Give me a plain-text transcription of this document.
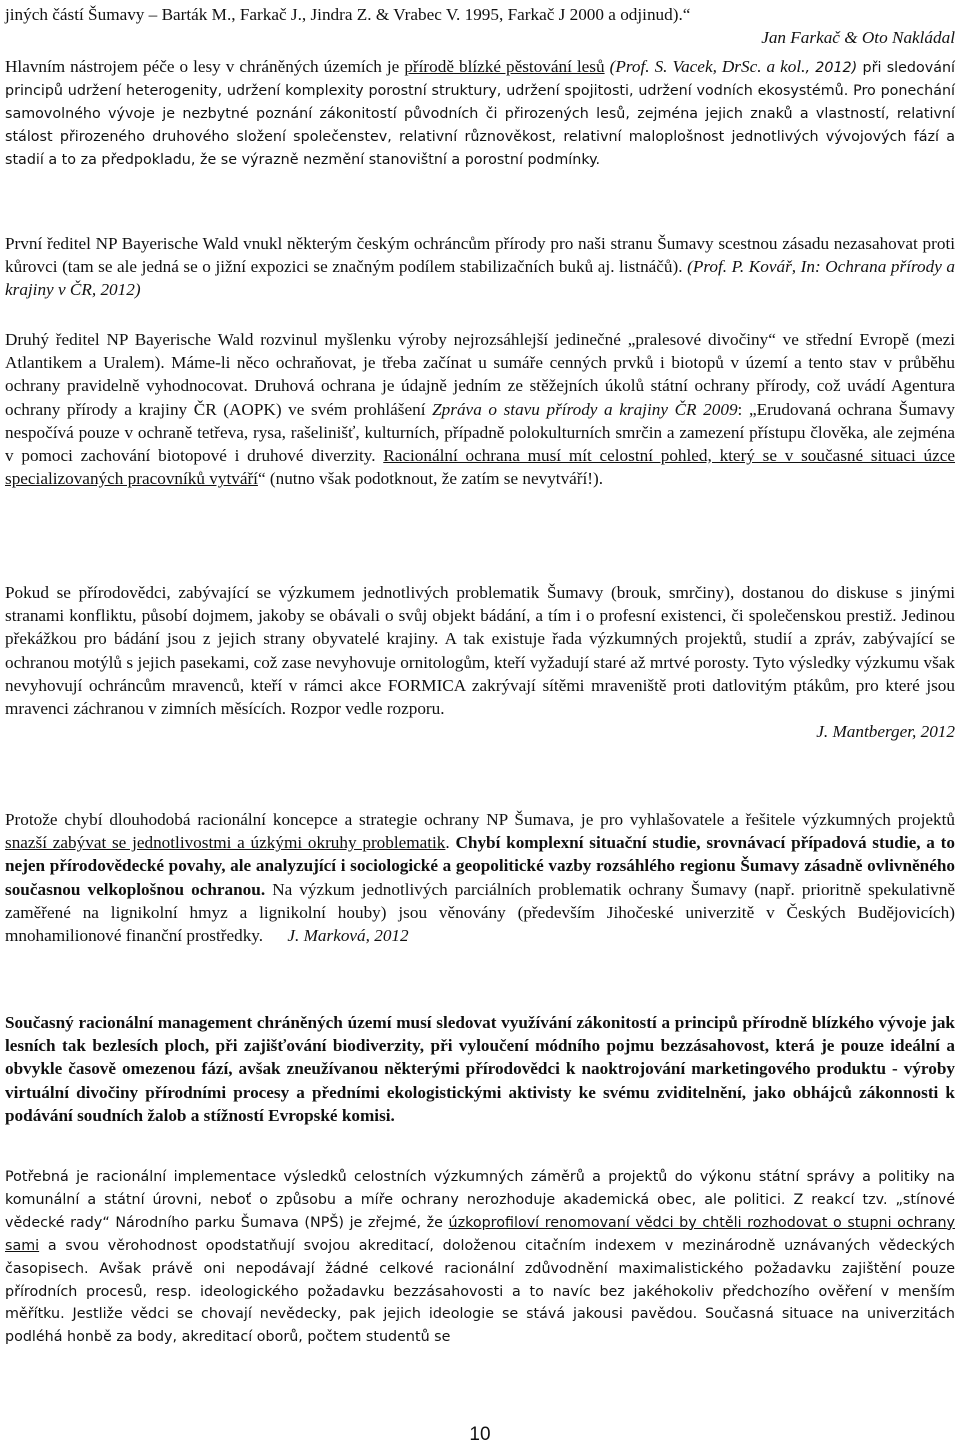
jiných částí Šumavy – Barták M., Farkač J., Jindra Z. & Vrabec V. 1995, Farkač J 2000 a odjinud).“
Jan Farkač & Oto Nakládal

Hlavním nástrojem péče o lesy v chráněných územích je přírodě blízké pěstování lesů (Prof. S. Vacek, DrSc. a kol., 2012) při sledování principů udržení heterogenity, udržení komplexity porostní struktury, udržení spojitosti, udržení vodních ekosystémů. Pro ponechání samovolného vývoje je nezbytné poznání zákonitostí původních či přirozených lesů, zejména jejich znaků a vlastností, relativní stálost přirozeného druhového složení společenstev, relativní různověkost, relativní maloplošnost jednotlivých vývojových fází a stadií a to za předpokladu, že se výrazně nezmění stanovištní a porostní podmínky.

První ředitel NP Bayerische Wald vnukl některým českým ochráncům přírody pro naši stranu Šumavy scestnou zásadu nezasahovat proti kůrovci (tam se ale jedná se o jižní expozici se značným podílem stabilizačních buků aj. listnáčů). (Prof. P. Kovář, In: Ochrana přírody a krajiny v ČR, 2012)

Druhý ředitel NP Bayerische Wald rozvinul myšlenku výroby nejrozsáhlejší jedinečné „pralesové divočiny“ ve střední Evropě (mezi Atlantikem a Uralem). Máme-li něco ochraňovat, je třeba začínat u sumáře cenných prvků i biotopů v území a tento stav v průběhu ochrany pravidelně vyhodnocovat. Druhová ochrana je údajně jedním ze stěžejních úkolů státní ochrany přírody, což uvádí Agentura ochrany přírody a krajiny ČR (AOPK) ve svém prohlášení Zpráva o stavu přírody a krajiny ČR 2009: „Erudovaná ochrana Šumavy nespočívá pouze v ochraně tetřeva, rysa, rašelinišť, kulturních, případně polokulturních smrčin a zamezení přístupu člověka, ale zejména v pomoci zachování biotopové i druhové diverzity. Racionální ochrana musí mít celostní pohled, který se v současné situaci úzce specializovaných pracovníků vytváří“ (nutno však podotknout, že zatím se nevytváří!).

Pokud se přírodovědci, zabývající se výzkumem jednotlivých problematik Šumavy (brouk, smrčiny), dostanou do diskuse s jinými stranami konfliktu, působí dojmem, jakoby se obávali o svůj objekt bádání, a tím i o profesní existenci, či společenskou prestiž. Jedinou překážkou pro bádání jsou z jejich strany obyvatelé krajiny. A tak existuje řada výzkumných projektů, studií a zpráv, zabývající se ochranou motýlů s jejich pasekami, což zase nevyhovuje ornitologům, kteří vyžadují staré až mrtvé porosty. Tyto výsledky výzkumu však nevyhovují ochráncům mravenců, kteří v rámci akce FORMICA zakrývají sítěmi mraveniště proti datlovitým ptákům, pro které jsou mravenci záchranou v zimních měsících. Rozpor vedle rozporu.
J. Mantberger, 2012

Protože chybí dlouhodobá racionální koncepce a strategie ochrany NP Šumava, je pro vyhlašovatele a řešitele výzkumných projektů snazší zabývat se jednotlivostmi a úzkými okruhy problematik. Chybí komplexní situační studie, srovnávací případová studie, a to nejen přírodovědecké povahy, ale analyzující i sociologické a geopolitické vazby rozsáhlého regionu Šumavy zásadně ovlivněného současnou velkoplošnou ochranou. Na výzkum jednotlivých parciálních problematik ochrany Šumavy (např. prioritně spekulativně zaměřené na lignikolní hmyz a lignikolní houby) jsou věnovány (především Jihočeské univerzitě v Českých Budějovicích) mnohamilionové finanční prostředky. J. Marková, 2012

Současný racionální management chráněných území musí sledovat využívání zákonitostí a principů přírodně blízkého vývoje jak lesních tak bezlesích ploch, při zajišťování biodiverzity, při vyloučení módního pojmu bezzásahovost, která je pouze ideální a obvykle časově omezenou fází, avšak zneužívanou některými přírodovědci k naoktrojování marketingového produktu - výroby virtuální divočiny přírodními procesy a předními ekologistickými aktivisty ke svému zviditelnění, jako obhájců zákonnosti k podávání soudních žalob a stížností Evropské komisi.

Potřebná je racionální implementace výsledků celostních výzkumných záměrů a projektů do výkonu státní správy a politiky na komunální a státní úrovni, neboť o způsobu a míře ochrany nerozhoduje akademická obec, ale politici. Z reakcí tzv. „stínové vědecké rady“ Národního parku Šumava (NPŠ) je zřejmé, že úzkoprofiloví renomovaní vědci by chtěli rozhodovat o stupni ochrany sami a svou věrohodnost opodstatňují svojou akreditací, doloženou citačním indexem v mezinárodně uznávaných vědeckých časopisech. Avšak právě oni nepodávají žádné celkové racionální zdůvodnění maximalistického požadavku zajištění pouze přírodních procesů, resp. ideologického požadavku bezzásahovosti a to navíc bez jakéhokoliv předchozího ověření v menším měřítku. Jestliže vědci se chovají nevědecky, pak jejich ideologie se stává jakousi pavědou. Současná situace na univerzitách podléhá honbě za body, akreditací oborů, počtem studentů se

10
